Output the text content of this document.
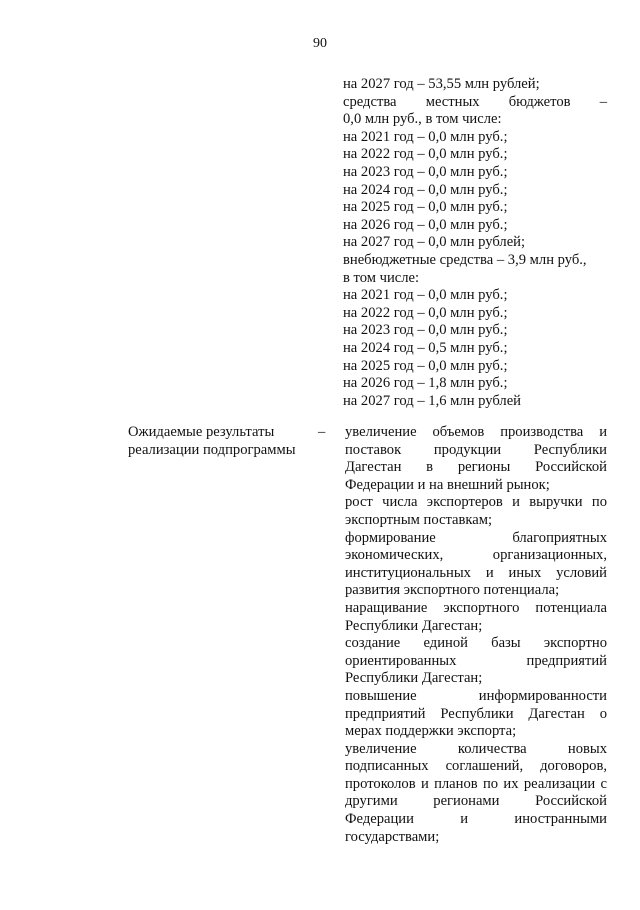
90
на 2027 год – 53,55 млн рублей;
средства местных бюджетов –
0,0 млн руб., в том числе:
на 2021 год – 0,0 млн руб.;
на 2022 год – 0,0 млн руб.;
на 2023 год – 0,0 млн руб.;
на 2024 год – 0,0 млн руб.;
на 2025 год – 0,0 млн руб.;
на 2026 год – 0,0 млн руб.;
на 2027 год – 0,0 млн рублей;
внебюджетные средства – 3,9 млн руб.,
в том числе:
на 2021 год – 0,0 млн руб.;
на 2022 год – 0,0 млн руб.;
на 2023 год – 0,0 млн руб.;
на 2024 год – 0,5 млн руб.;
на 2025 год – 0,0 млн руб.;
на 2026 год – 1,8 млн руб.;
на 2027 год – 1,6 млн рублей
Ожидаемые результаты реализации подпрограммы
– увеличение объемов производства и поставок продукции Республики Дагестан в регионы Российской Федерации и на внешний рынок;
рост числа экспортеров и выручки по экспортным поставкам;
формирование благоприятных экономических, организационных, институциональных и иных условий развития экспортного потенциала;
наращивание экспортного потенциала Республики Дагестан;
создание единой базы экспортно ориентированных предприятий Республики Дагестан;
повышение информированности предприятий Республики Дагестан о мерах поддержки экспорта;
увеличение количества новых подписанных соглашений, договоров, протоколов и планов по их реализации с другими регионами Российской Федерации и иностранными государствами;
